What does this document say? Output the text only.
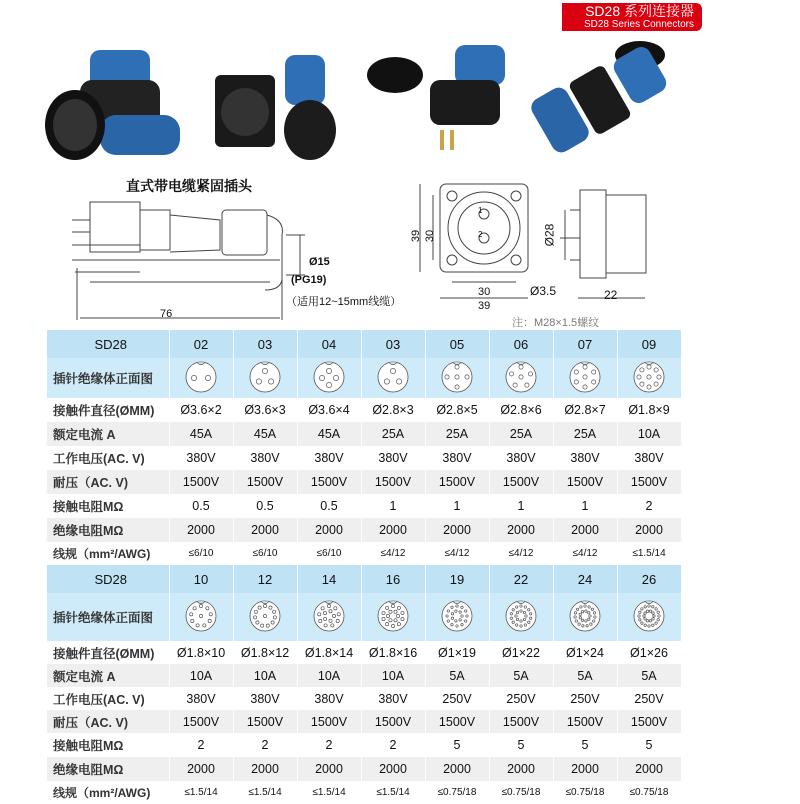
SD28 系列连接器
SD28 Series Connectors
直式带电缆紧固插头
76
Ø15
(PG19)
（适用12~15mm线缆）
39 30
30
39
Ø3.5
1
2	Ø28
22
注：M28×1.5螺纹
SD28	02	03	04	03	05	06	07	09
插针绝缘体正面图								
接触件直径(ØMM)	Ø3.6×2	Ø3.6×3	Ø3.6×4	Ø2.8×3	Ø2.8×5	Ø2.8×6	Ø2.8×7	Ø1.8×9
额定电流 A	45A	45A	45A	25A	25A	25A	25A	10A
工作电压(AC. V)	380V	380V	380V	380V	380V	380V	380V	380V
耐压（AC. V)	1500V	1500V	1500V	1500V	1500V	1500V	1500V	1500V
接触电阻MΩ	0.5	0.5	0.5	1	1	1	1	2
绝缘电阻MΩ	2000	2000	2000	2000	2000	2000	2000	2000
线规（mm²/AWG)	≤6/10	≤6/10	≤6/10	≤4/12	≤4/12	≤4/12	≤4/12	≤1.5/14
SD28	10	12	14	16	19	22	24	26
插针绝缘体正面图								
接触件直径(ØMM)	Ø1.8×10	Ø1.8×12	Ø1.8×14	Ø1.8×16	Ø1×19	Ø1×22	Ø1×24	Ø1×26
额定电流 A	10A	10A	10A	10A	5A	5A	5A	5A
工作电压(AC. V)	380V	380V	380V	380V	250V	250V	250V	250V
耐压（AC. V)	1500V	1500V	1500V	1500V	1500V	1500V	1500V	1500V
接触电阻MΩ	2	2	2	2	5	5	5	5
绝缘电阻MΩ	2000	2000	2000	2000	2000	2000	2000	2000
线规（mm²/AWG)	≤1.5/14	≤1.5/14	≤1.5/14	≤1.5/14	≤0.75/18	≤0.75/18	≤0.75/18	≤0.75/18
